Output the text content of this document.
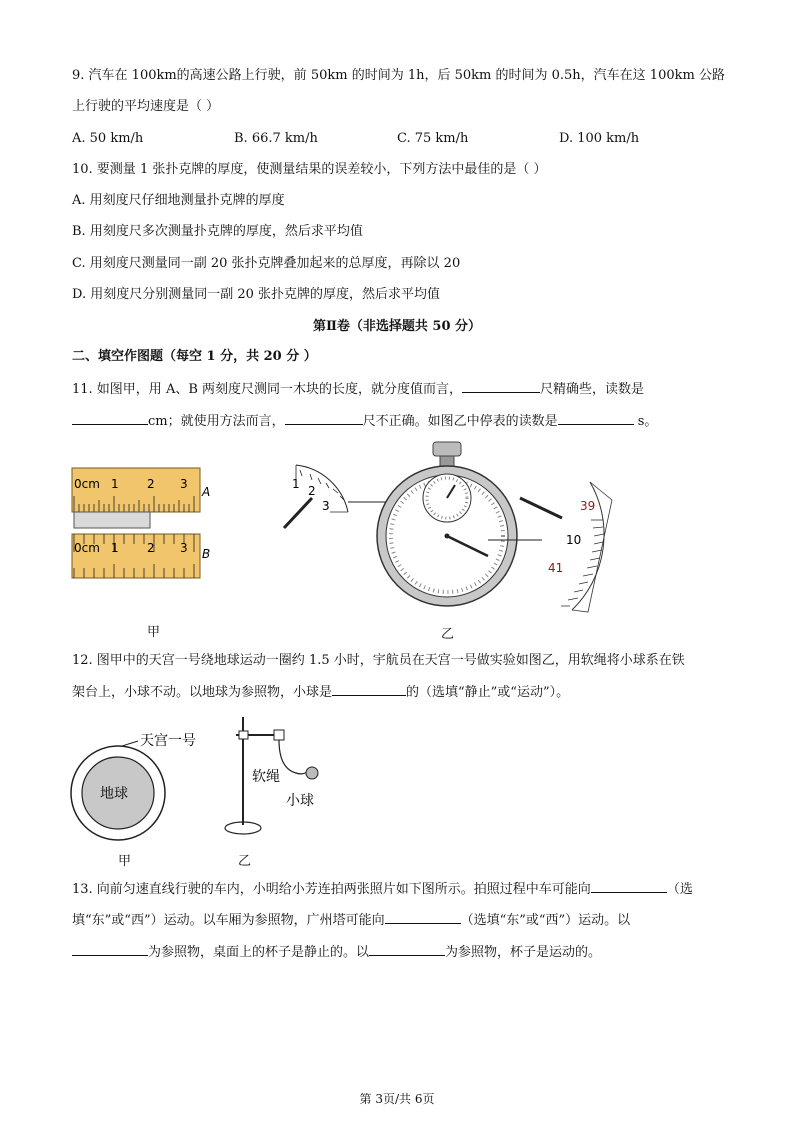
9. 汽车在 100km的高速公路上行驶，前 50km 的时间为 1h，后 50km 的时间为 0.5h，汽车在这 100km 公路
上行驶的平均速度是（ ）
A. 50 km/h	B. 66.7 km/h	C. 75 km/h	D. 100 km/h
10. 要测量 1 张扑克牌的厚度，使测量结果的误差较小，下列方法中最佳的是（ ）
A. 用刻度尺仔细地测量扑克牌的厚度
B. 用刻度尺多次测量扑克牌的厚度，然后求平均值
C. 用刻度尺测量同一副 20 张扑克牌叠加起来的总厚度，再除以 20
D. 用刻度尺分别测量同一副 20 张扑克牌的厚度，然后求平均值
第Ⅱ卷（非选择题共 50 分）
二、填空作图题（每空 1 分，共 20 分 ）
11. 如图甲，用 A、B 两刻度尺测同一木块的长度，就分度值而言，	尺精确些，读数是
cm；就使用方法而言，	尺不正确。如图乙中停表的读数是	s。
0cm 1 2 3
A
0cm 1 2 3 B
甲
1 2
3	39
10
41
乙
12. 图甲中的天宫一号绕地球运动一圈约 1.5 小时，宇航员在天宫一号做实验如图乙，用软绳将小球系在铁
架台上，小球不动。以地球为参照物，小球是	的（选填“静止”或“运动”）。
地球
天宫一号
软绳
小球
甲	乙
13. 向前匀速直线行驶的车内，小明给小芳连拍两张照片如下图所示。拍照过程中车可能向	（选
填“东”或“西”）运动。以车厢为参照物，广州塔可能向	（选填“东”或“西”）运动。以
为参照物，桌面上的杯子是静止的。以	为参照物，杯子是运动的。
第 3页/共 6页
